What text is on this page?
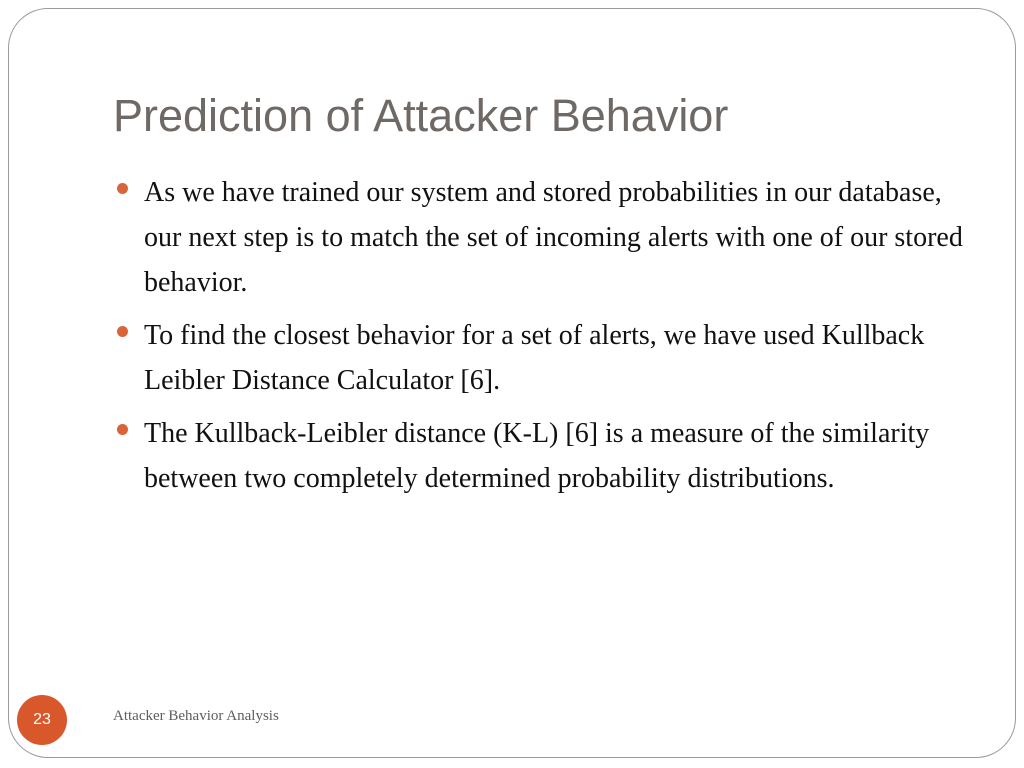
Prediction of Attacker Behavior
As we have trained our system and stored probabilities in our database, our next step is to match the set of incoming alerts with one of our stored behavior.
To find the closest behavior for a set of alerts, we have used Kullback Leibler Distance Calculator [6].
The Kullback-Leibler distance (K-L) [6] is a measure of the similarity between two completely determined probability distributions.
23	Attacker Behavior Analysis
